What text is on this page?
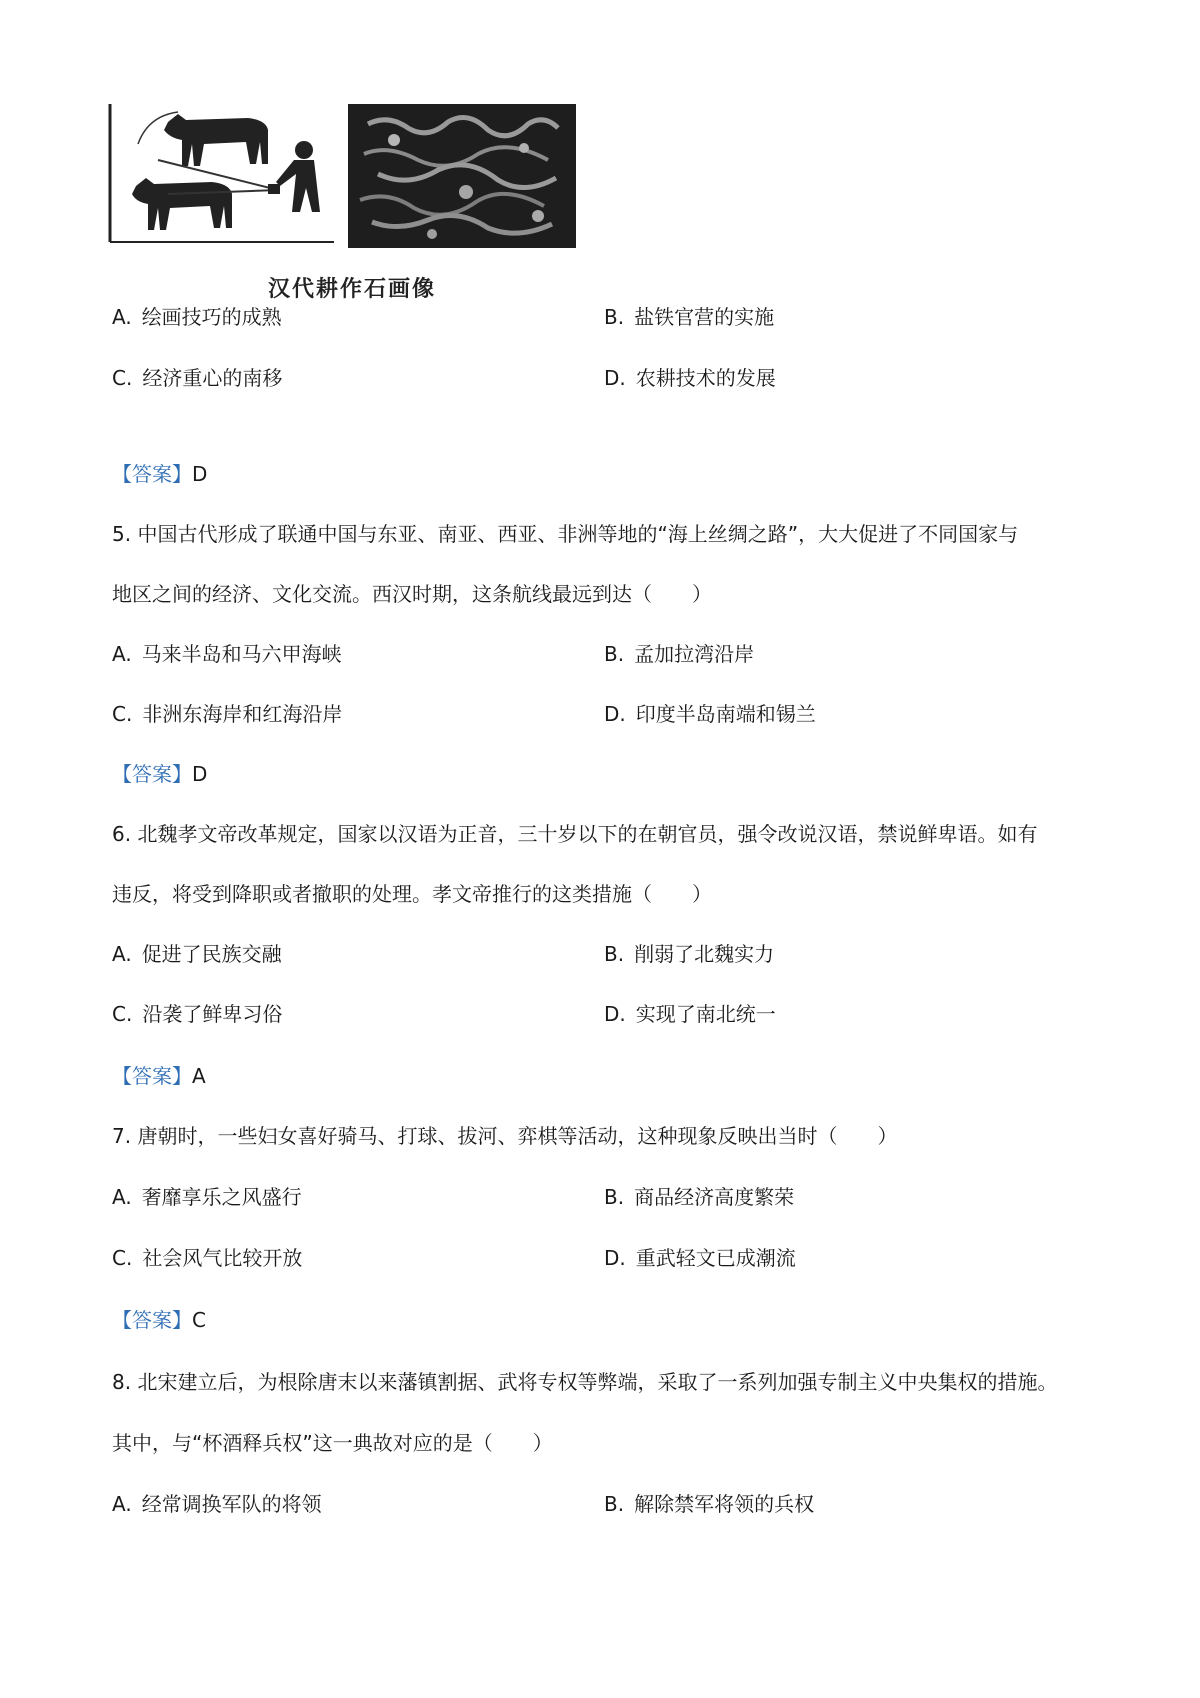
汉代耕作石画像
A. 绘画技巧的成熟	B. 盐铁官营的实施
C. 经济重心的南移	D. 农耕技术的发展
【答案】D
5. 中国古代形成了联通中国与东亚、南亚、西亚、非洲等地的“海上丝绸之路”，大大促进了不同国家与
地区之间的经济、文化交流。西汉时期，这条航线最远到达（　　）
A. 马来半岛和马六甲海峡	B. 孟加拉湾沿岸
C. 非洲东海岸和红海沿岸	D. 印度半岛南端和锡兰
【答案】D
6. 北魏孝文帝改革规定，国家以汉语为正音，三十岁以下的在朝官员，强令改说汉语，禁说鲜卑语。如有
违反，将受到降职或者撤职的处理。孝文帝推行的这类措施（　　）
A. 促进了民族交融	B. 削弱了北魏实力
C. 沿袭了鲜卑习俗	D. 实现了南北统一
【答案】A
7. 唐朝时，一些妇女喜好骑马、打球、拔河、弈棋等活动，这种现象反映出当时（　　）
A. 奢靡享乐之风盛行	B. 商品经济高度繁荣
C. 社会风气比较开放	D. 重武轻文已成潮流
【答案】C
8. 北宋建立后，为根除唐末以来藩镇割据、武将专权等弊端，采取了一系列加强专制主义中央集权的措施。
其中，与“杯酒释兵权”这一典故对应的是（　　）
A. 经常调换军队的将领	B. 解除禁军将领的兵权
